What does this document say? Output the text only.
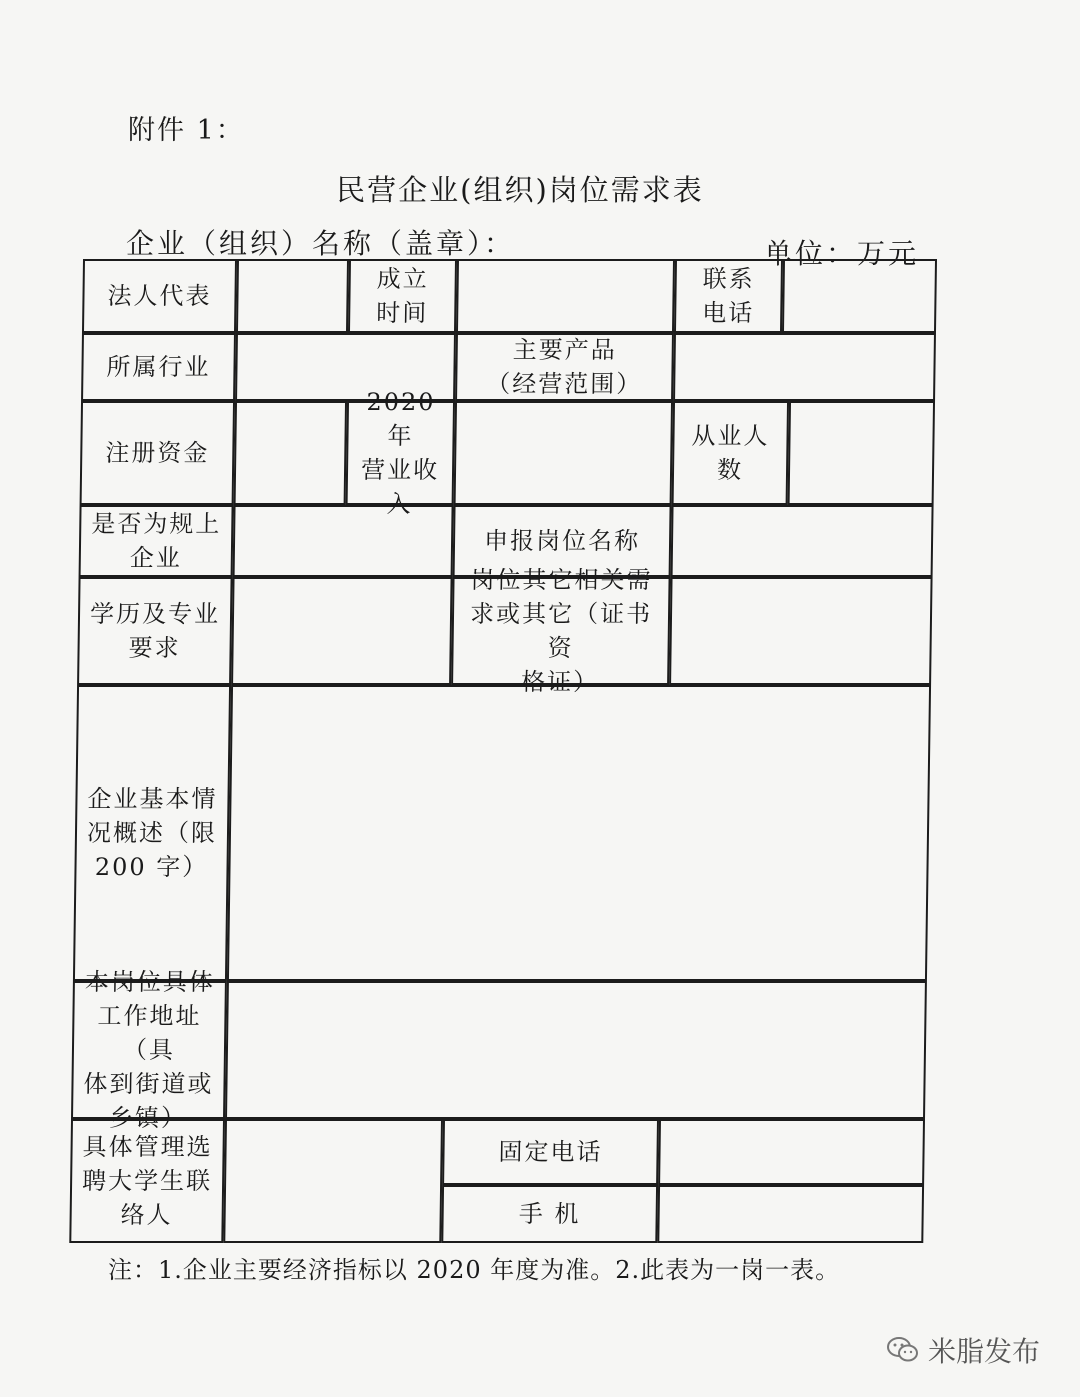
附件 1：
民营企业(组织)岗位需求表
企业（组织）名称（盖章）：	单位：万元
法人代表
成立
时间
联系
电话
所属行业
主要产品
（经营范围）
注册资金
2020 年
营业收
入
从业人数
是否为规上
企业
申报岗位名称
学历及专业
要求
岗位其它相关需
求或其它（证书资
格证）
企业基本情
况概述（限
200 字）
本岗位具体
工作地址（具
体到街道或
乡镇）
具体管理选
聘大学生联
络人
固定电话
手 机
注：1.企业主要经济指标以 2020 年度为准。2.此表为一岗一表。
米脂发布
